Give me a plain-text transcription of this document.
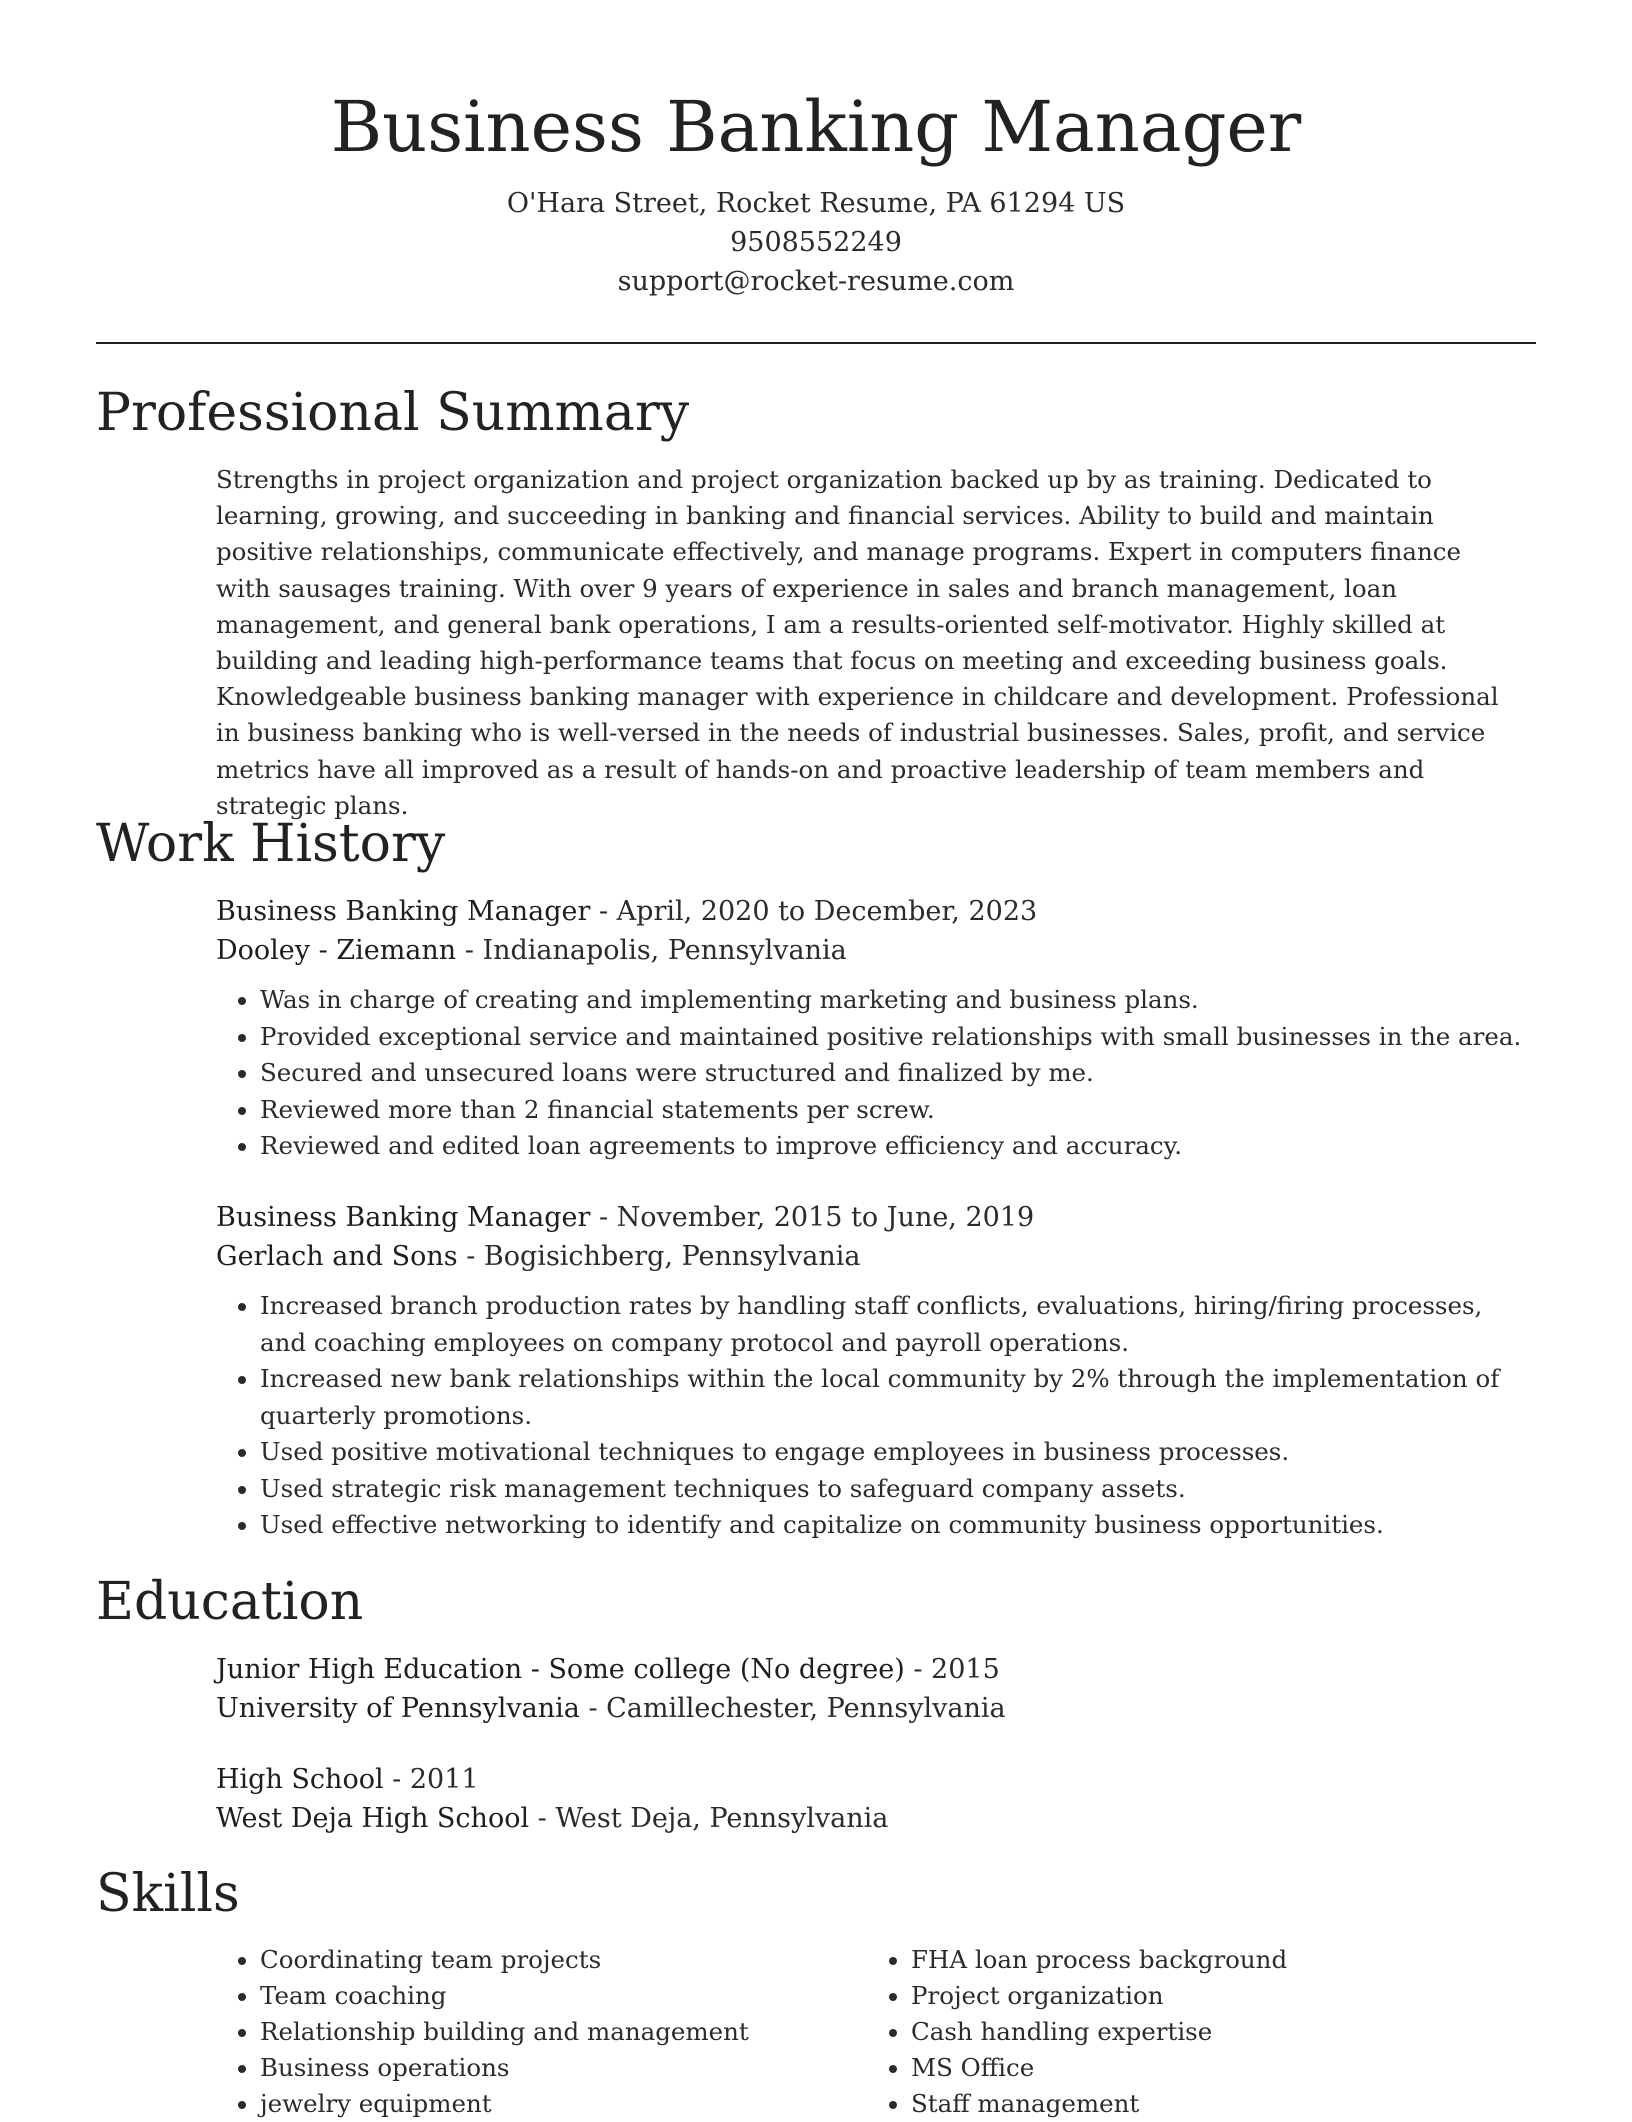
Business Banking Manager

O'Hara Street, Rocket Resume, PA 61294 US

9508552249

support@rocket-resume.com

Professional Summary

Strengths in project organization and project organization backed up by as training. Dedicated to learning, growing, and succeeding in banking and financial services. Ability to build and maintain positive relationships, communicate effectively, and manage programs. Expert in computers finance with sausages training. With over 9 years of experience in sales and branch management, loan management, and general bank operations, I am a results-oriented self-motivator. Highly skilled at building and leading high-performance teams that focus on meeting and exceeding business goals. Knowledgeable business banking manager with experience in childcare and development. Professional in business banking who is well-versed in the needs of industrial businesses. Sales, profit, and service metrics have all improved as a result of hands-on and proactive leadership of team members and strategic plans.

Work History

Business Banking Manager - April, 2020 to December, 2023

Dooley - Ziemann - Indianapolis, Pennsylvania

• Was in charge of creating and implementing marketing and business plans.
• Provided exceptional service and maintained positive relationships with small businesses in the area.
• Secured and unsecured loans were structured and finalized by me.
• Reviewed more than 2 financial statements per screw.
• Reviewed and edited loan agreements to improve efficiency and accuracy.

Business Banking Manager - November, 2015 to June, 2019

Gerlach and Sons - Bogisichberg, Pennsylvania

• Increased branch production rates by handling staff conflicts, evaluations, hiring/firing processes, and coaching employees on company protocol and payroll operations.
• Increased new bank relationships within the local community by 2% through the implementation of quarterly promotions.
• Used positive motivational techniques to engage employees in business processes.
• Used strategic risk management techniques to safeguard company assets.
• Used effective networking to identify and capitalize on community business opportunities.
Education

Junior High Education - Some college (No degree) - 2015

University of Pennsylvania - Camillechester, Pennsylvania

High School - 2011

West Deja High School - West Deja, Pennsylvania

Skills
• Coordinating team projects
• Team coaching
• Relationship building and management
• Business operations
• jewelry equipment
• FHA loan process background
• Project organization
• Cash handling expertise
• MS Office
• Staff management
